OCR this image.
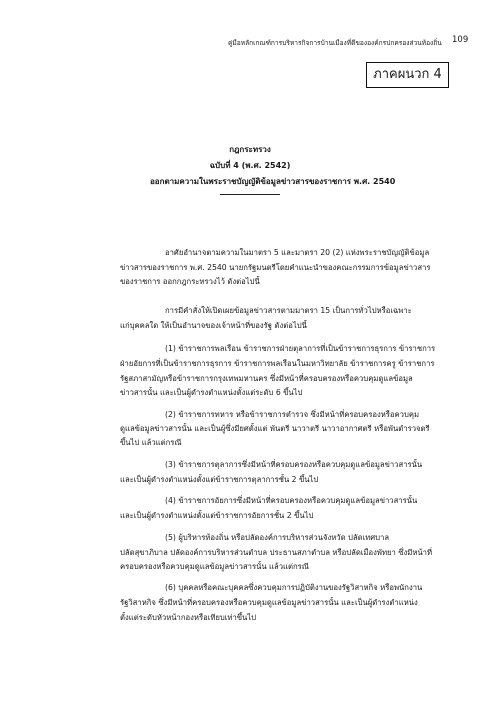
คู่มือหลักเกณฑ์การบริหารกิจการบ้านเมืองที่ดีขององค์กรปกครองส่วนท้องถิ่น	109
ภาคผนวก 4
กฎกระทรวง
ฉบับที่ 4 (พ.ศ. 2542)
ออกตามความในพระราชบัญญัติข้อมูลข่าวสารของราชการ พ.ศ. 2540
อาศัยอำนาจตามความในมาตรา 5 และมาตรา 20 (2) แห่งพระราชบัญญัติข้อมูล
ข่าวสารของราชการ พ.ศ. 2540 นายกรัฐมนตรีโดยคำแนะนำของคณะกรรมการข้อมูลข่าวสาร
ของราชการ ออกกฎกระทรวงไว้ ดังต่อไปนี้
การมีคำสั่งให้เปิดเผยข้อมูลข่าวสารตามมาตรา 15 เป็นการทั่วไปหรือเฉพาะ
แก่บุคคลใด ให้เป็นอำนาจของเจ้าหน้าที่ของรัฐ ดังต่อไปนี้
(1) ข้าราชการพลเรือน ข้าราชการฝ่ายตุลาการที่เป็นข้าราชการธุรการ ข้าราชการ
ฝ่ายอัยการที่เป็นข้าราชการธุรการ ข้าราชการพลเรือนในมหาวิทยาลัย ข้าราชการครู ข้าราชการ
รัฐสภาสามัญหรือข้าราชการกรุงเทพมหานคร ซึ่งมีหน้าที่ครอบครองหรือควบคุมดูแลข้อมูล
ข่าวสารนั้น และเป็นผู้ดำรงตำแหน่งตั้งแต่ระดับ 6 ขึ้นไป
(2) ข้าราชการทหาร หรือข้าราชการตำรวจ ซึ่งมีหน้าที่ครอบครองหรือควบคุม
ดูแลข้อมูลข่าวสารนั้น และเป็นผู้ซึ่งมียศตั้งแต่ พันตรี นาวาตรี นาวาอากาศตรี หรือพันตำรวจตรี
ขึ้นไป แล้วแต่กรณี
(3) ข้าราชการตุลาการซึ่งมีหน้าที่ครอบครองหรือควบคุมดูแลข้อมูลข่าวสารนั้น
และเป็นผู้ดำรงตำแหน่งตั้งแต่ข้าราชการตุลาการชั้น 2 ขึ้นไป
(4) ข้าราชการอัยการซึ่งมีหน้าที่ครอบครองหรือควบคุมดูแลข้อมูลข่าวสารนั้น
และเป็นผู้ดำรงตำแหน่งตั้งแต่ข้าราชการอัยการชั้น 2 ขึ้นไป
(5) ผู้บริหารท้องถิ่น หรือปลัดองค์การบริหารส่วนจังหวัด ปลัดเทศบาล
ปลัดสุขาภิบาล ปลัดองค์การบริหารส่วนตำบล ประธานสภาตำบล หรือปลัดเมืองพัทยา ซึ่งมีหน้าที่
ครอบครองหรือควบคุมดูแลข้อมูลข่าวสารนั้น แล้วแต่กรณี
(6) บุคคลหรือคณะบุคคลซึ่งควบคุมการปฏิบัติงานของรัฐวิสาหกิจ หรือพนักงาน
รัฐวิสาหกิจ ซึ่งมีหน้าที่ครอบครองหรือควบคุมดูแลข้อมูลข่าวสารนั้น และเป็นผู้ดำรงตำแหน่ง
ตั้งแต่ระดับหัวหน้ากองหรือเทียบเท่าขึ้นไป
